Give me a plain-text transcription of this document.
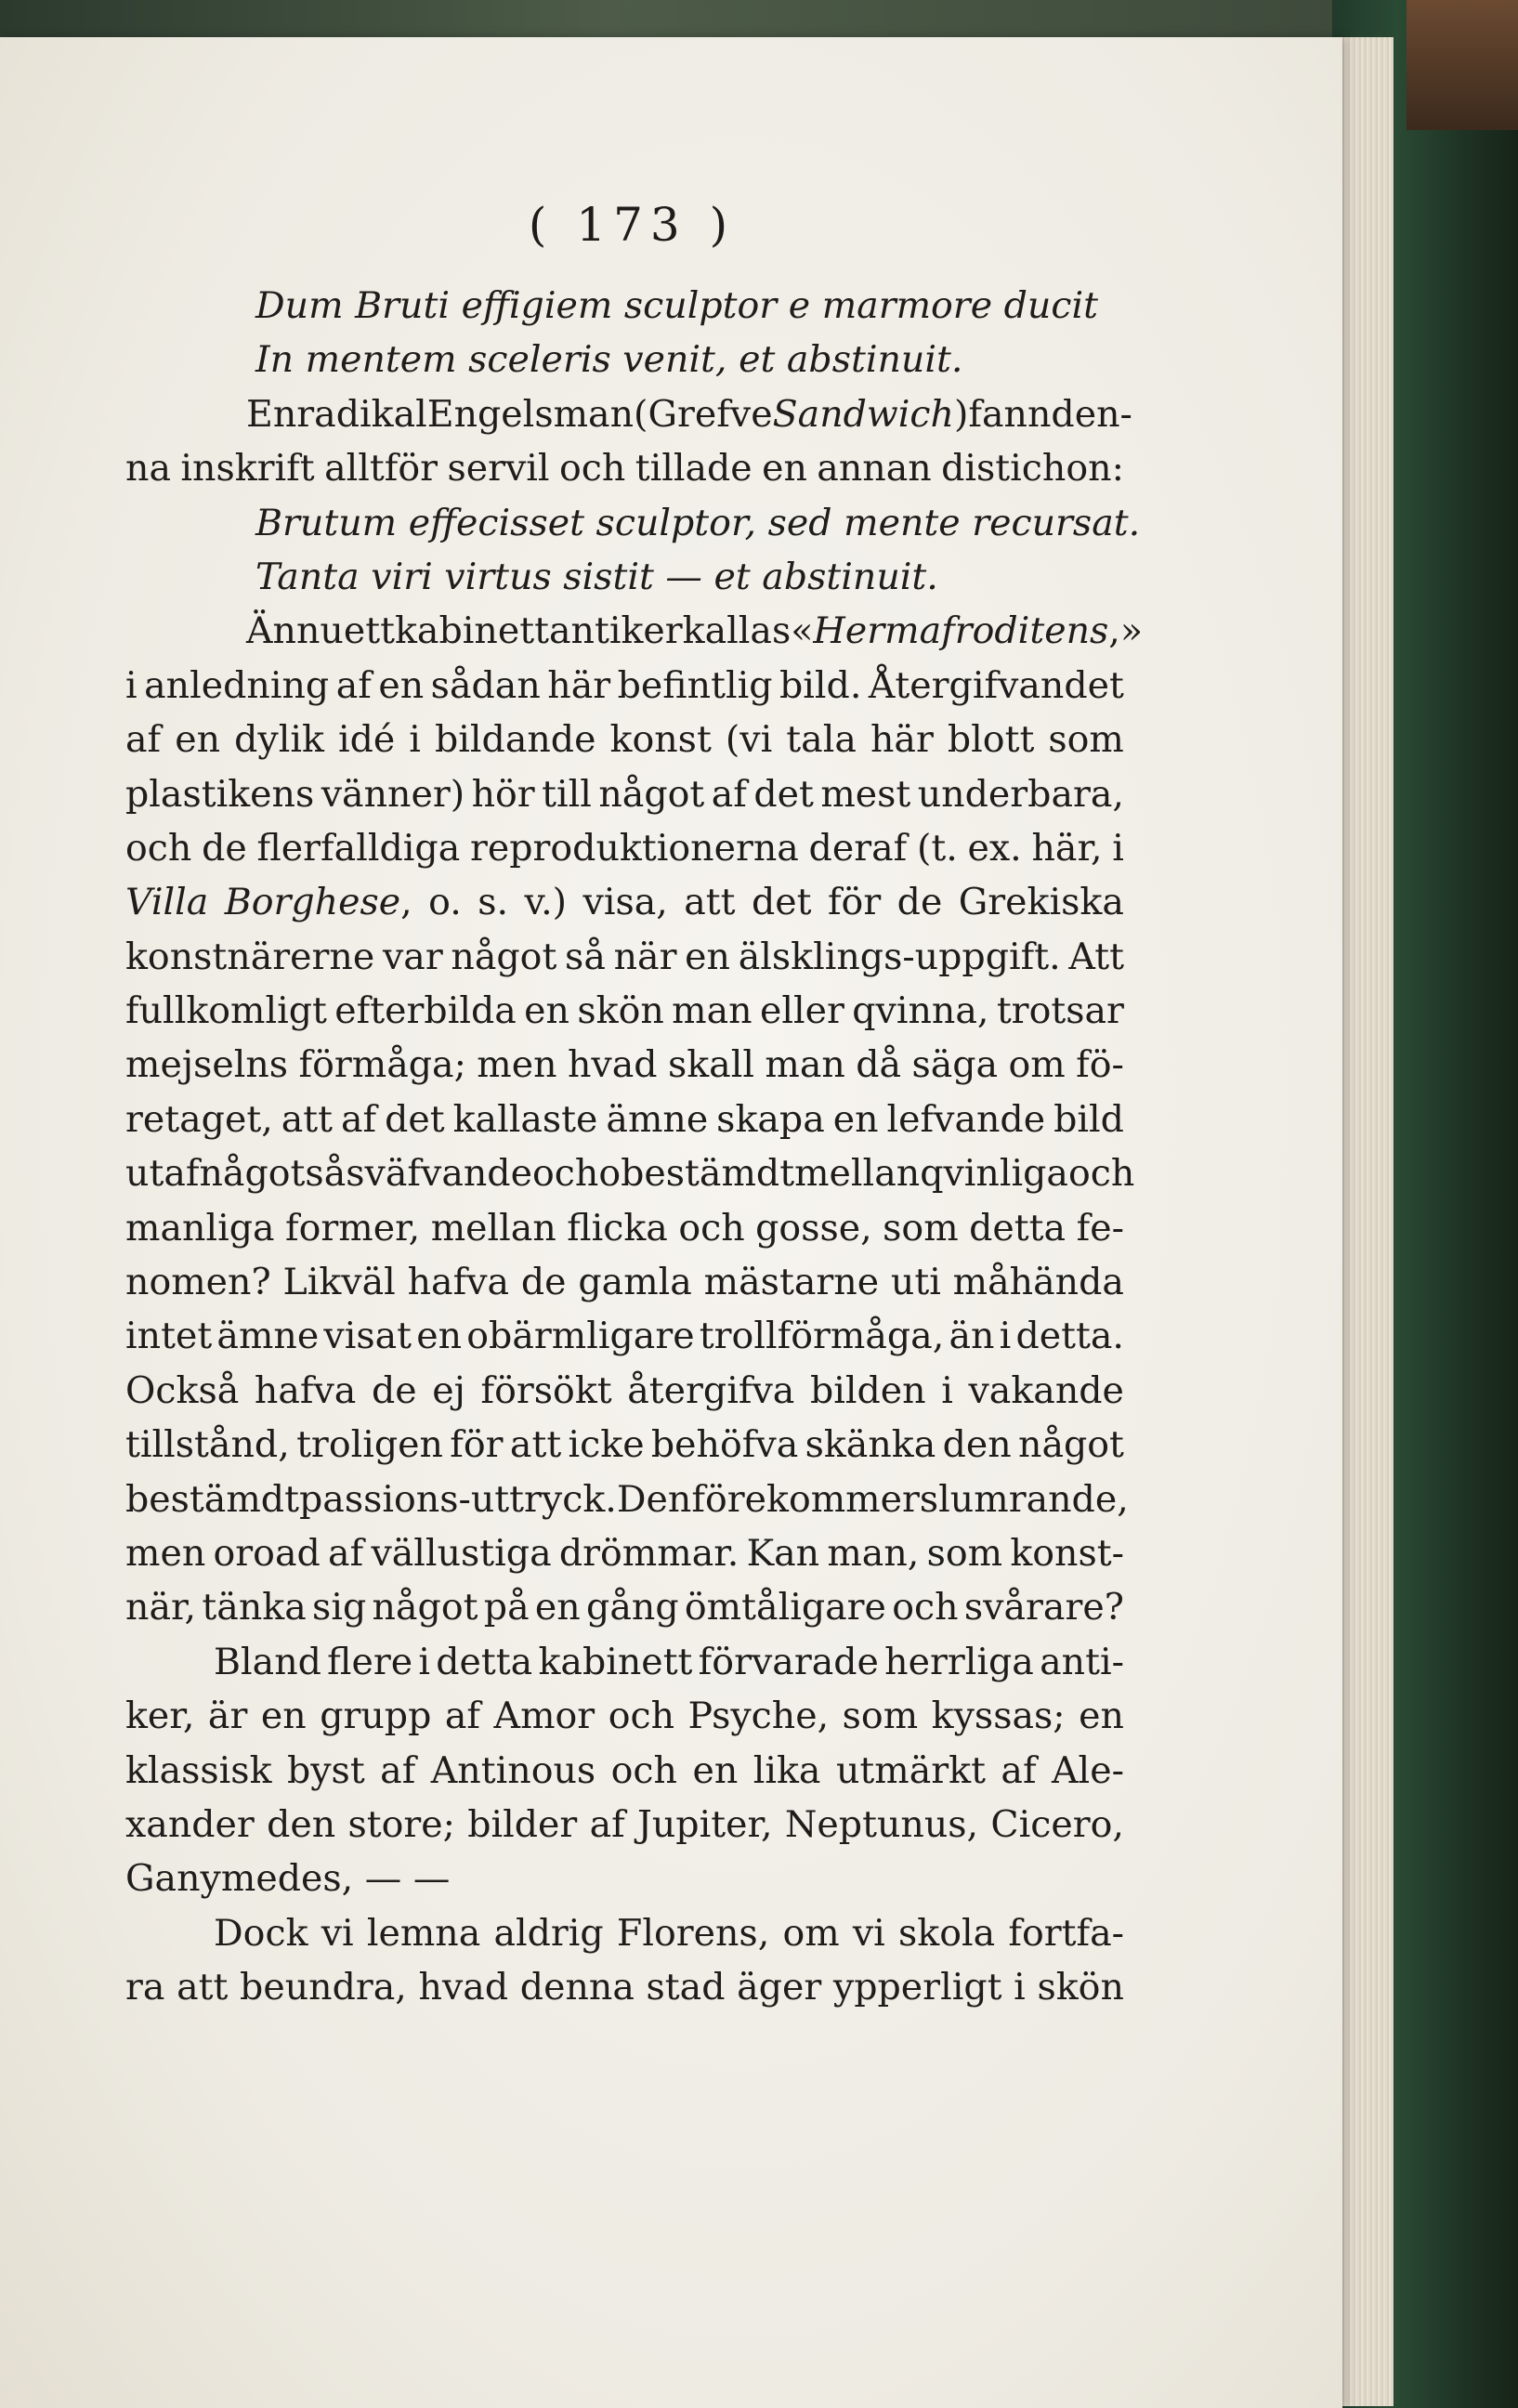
( 173 )
Dum
Bruti
effigiem
sculptor
e
marmore
ducit
In
mentem
sceleris
venit,
et
abstinuit.
En radikal Engelsman (Grefve Sandwich) fann den-
na inskrift alltför servil och tillade en annan distichon:
Brutum
effecisset
sculptor,
sed
mente
recursat.
Tanta
viri
virtus
sistit
—
et
abstinuit.
Ännu ett kabinett antiker kallas «Hermafroditens,»
i anledning af en sådan här befintlig bild. Återgifvandet
af en dylik idé i bildande konst (vi tala här blott som
plastikens vänner) hör till något af det mest underbara,
och de flerfalldiga reproduktionerna deraf (t. ex. här, i
Villa Borghese, o. s. v.) visa, att det för de Grekiska
konstnärerne var något så när en älsklings-uppgift. Att
fullkomligt efterbilda en skön man eller qvinna, trotsar
mejselns förmåga; men hvad skall man då säga om fö-
retaget, att af det kallaste ämne skapa en lefvande bild
utaf något så sväfvande och obestämdt mellan qvinliga och
manliga former, mellan flicka och gosse, som detta fe-
nomen? Likväl hafva de gamla mästarne uti måhända
intet ämne visat en obärmligare trollförmåga, än i detta.
Också hafva de ej försökt återgifva bilden i vakande
tillstånd, troligen för att icke behöfva skänka den något
bestämdt passions-uttryck. Den förekommer slumrande,
men oroad af vällustiga drömmar. Kan man, som konst-
när, tänka sig något på en gång ömtåligare och svårare?
Bland flere i detta kabinett förvarade herrliga anti-
ker, är en grupp af Amor och Psyche, som kyssas; en
klassisk byst af Antinous och en lika utmärkt af Ale-
xander den store; bilder af Jupiter, Neptunus, Cicero,
Ganymedes,
—
—
Dock vi lemna aldrig Florens, om vi skola fortfa-
ra att beundra, hvad denna stad äger ypperligt i skön
